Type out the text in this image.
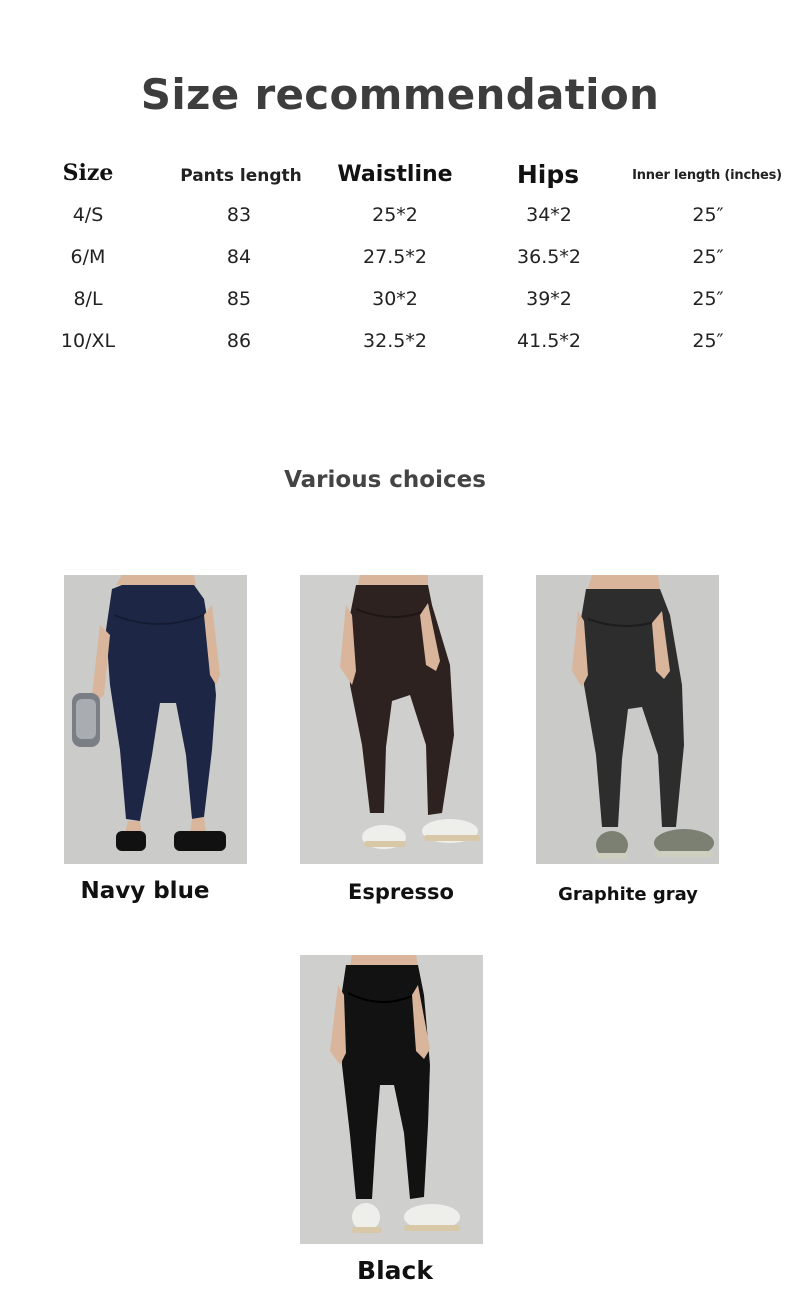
Size recommendation
Size	Pants length	Waistline	Hips	Inner length (inches)
4/S	83	25*2	34*2	25″
6/M	84	27.5*2	36.5*2	25″
8/L	85	30*2	39*2	25″
10/XL	86	32.5*2	41.5*2	25″
Various choices
Navy blue	Espresso	Graphite gray
Black
